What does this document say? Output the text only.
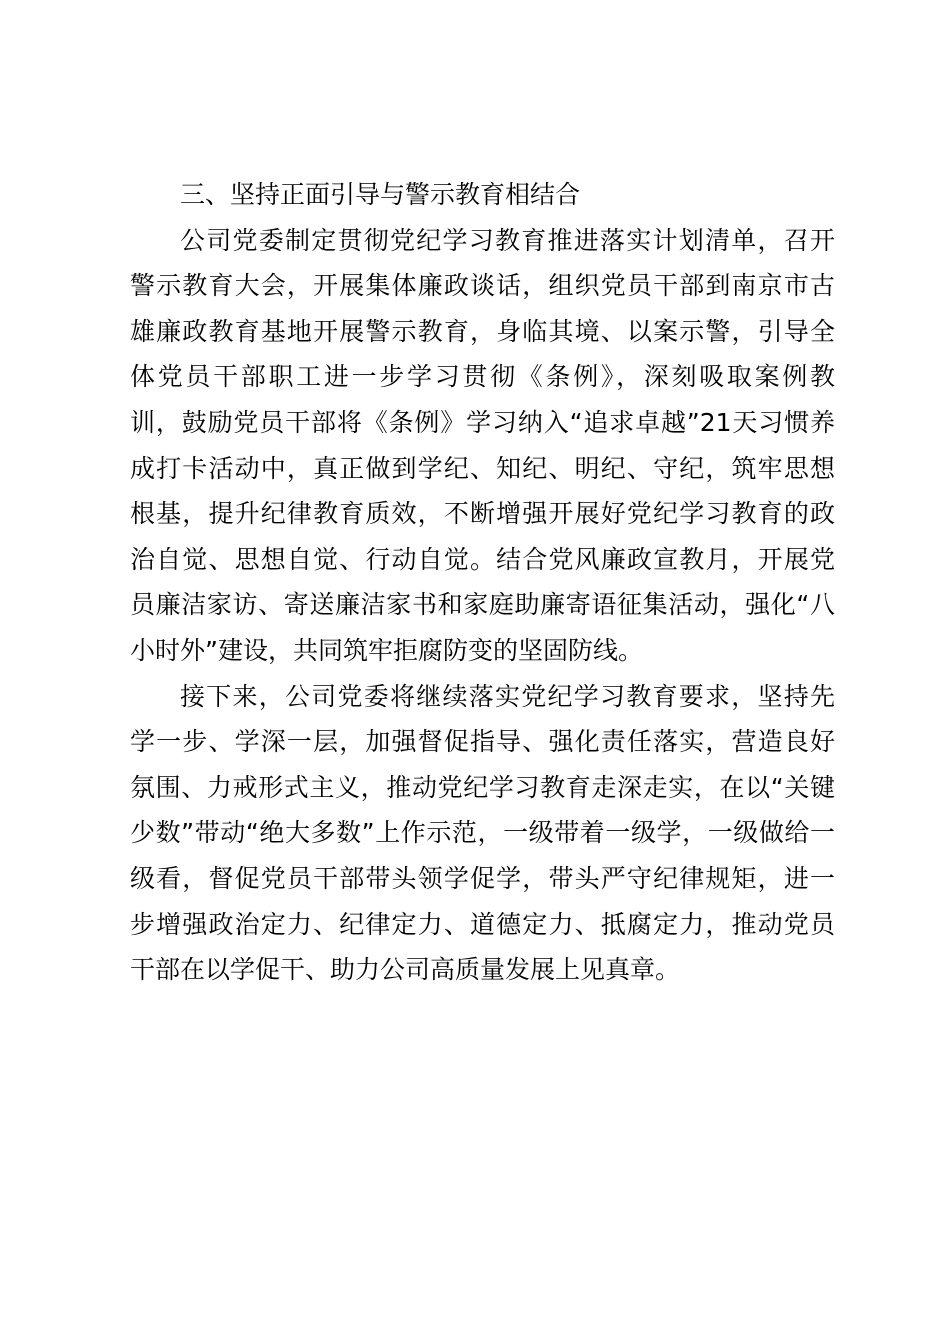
三、坚持正面引导与警示教育相结合
公司党委制定贯彻党纪学习教育推进落实计划清单，召开
警示教育大会，开展集体廉政谈话，组织党员干部到南京市古
雄廉政教育基地开展警示教育，身临其境、以案示警，引导全
体党员干部职工进一步学习贯彻《条例》，深刻吸取案例教
训，鼓励党员干部将《条例》学习纳入“追求卓越”21天习惯养
成打卡活动中，真正做到学纪、知纪、明纪、守纪，筑牢思想
根基，提升纪律教育质效，不断增强开展好党纪学习教育的政
治自觉、思想自觉、行动自觉。结合党风廉政宣教月，开展党
员廉洁家访、寄送廉洁家书和家庭助廉寄语征集活动，强化“八
小时外”建设，共同筑牢拒腐防变的坚固防线。
接下来，公司党委将继续落实党纪学习教育要求，坚持先
学一步、学深一层，加强督促指导、强化责任落实，营造良好
氛围、力戒形式主义，推动党纪学习教育走深走实，在以“关键
少数”带动“绝大多数”上作示范，一级带着一级学，一级做给一
级看，督促党员干部带头领学促学，带头严守纪律规矩，进一
步增强政治定力、纪律定力、道德定力、抵腐定力，推动党员
干部在以学促干、助力公司高质量发展上见真章。
